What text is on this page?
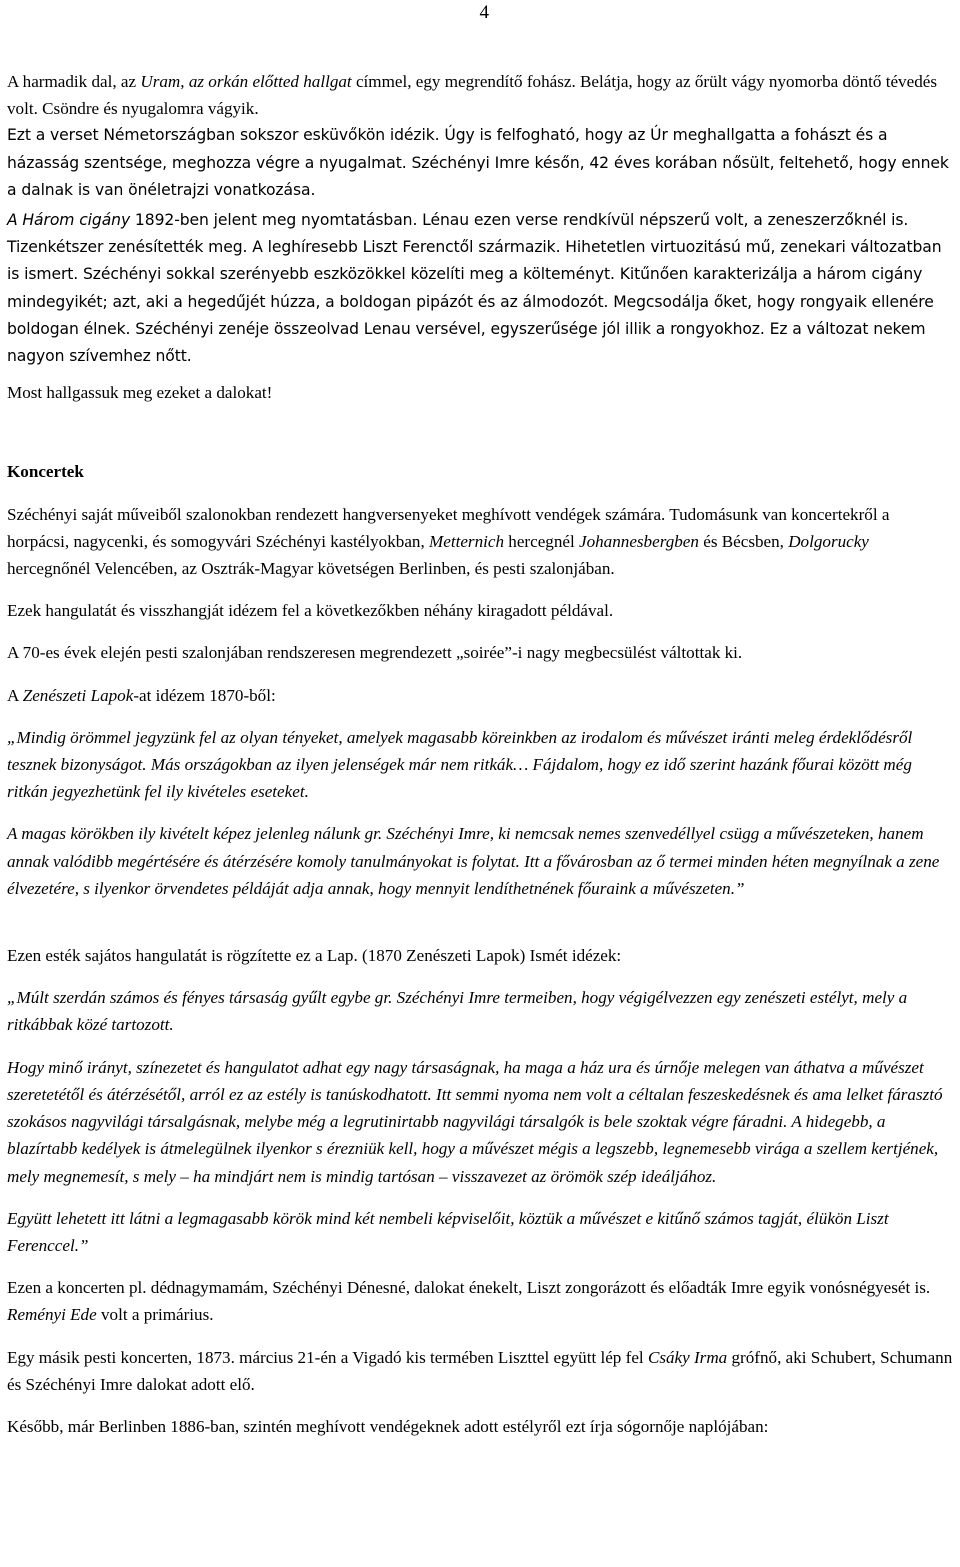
4

A harmadik dal, az Uram, az orkán előtted hallgat címmel, egy megrendítő fohász. Belátja, hogy az őrült vágy nyomorba döntő tévedés volt. Csöndre és nyugalomra vágyik.

Ezt a verset Németországban sokszor esküvőkön idézik. Úgy is felfogható, hogy az Úr meghallgatta a fohászt és a házasság szentsége, meghozza végre a nyugalmat. Széchényi Imre későn, 42 éves korában nősült, feltehető, hogy ennek a dalnak is van önéletrajzi vonatkozása.

A Három cigány 1892-ben jelent meg nyomtatásban. Lénau ezen verse rendkívül népszerű volt, a zeneszerzőknél is. Tizenkétszer zenésítették meg. A leghíresebb Liszt Ferenctől származik. Hihetetlen virtuozitású mű, zenekari változatban is ismert. Széchényi sokkal szerényebb eszközökkel közelíti meg a költeményt. Kitűnően karakterizálja a három cigány mindegyikét; azt, aki a hegedűjét húzza, a boldogan pipázót és az álmodozót. Megcsodálja őket, hogy rongyaik ellenére boldogan élnek. Széchényi zenéje összeolvad Lenau versével, egyszerűsége jól illik a rongyokhoz. Ez a változat nekem nagyon szívemhez nőtt.

Most hallgassuk meg ezeket a dalokat!

Koncertek

Széchényi saját műveiből szalonokban rendezett hangversenyeket meghívott vendégek számára. Tudomásunk van koncertekről a horpácsi, nagycenki, és somogyvári Széchényi kastélyokban, Metternich hercegnél Johannesbergben és Bécsben, Dolgorucky hercegnőnél Velencében, az Osztrák-Magyar követségen Berlinben, és pesti szalonjában.

Ezek hangulatát és visszhangját idézem fel a következőkben néhány kiragadott példával.

A 70-es évek elején pesti szalonjában rendszeresen megrendezett „soirée”-i nagy megbecsülést váltottak ki.

A Zenészeti Lapok-at idézem 1870-ből:

„Mindig örömmel jegyzünk fel az olyan tényeket, amelyek magasabb köreinkben az irodalom és művészet iránti meleg érdeklődésről tesznek bizonyságot. Más országokban az ilyen jelenségek már nem ritkák… Fájdalom, hogy ez idő szerint hazánk főurai között még ritkán jegyezhetünk fel ily kivételes eseteket.

A magas körökben ily kivételt képez jelenleg nálunk gr. Széchényi Imre, ki nemcsak nemes szenvedéllyel csügg a művészeteken, hanem annak valódibb megértésére és átérzésére komoly tanulmányokat is folytat. Itt a fővárosban az ő termei minden héten megnyílnak a zene élvezetére, s ilyenkor örvendetes példáját adja annak, hogy mennyit lendíthetnének főuraink a művészeten.”

Ezen esték sajátos hangulatát is rögzítette ez a Lap. (1870 Zenészeti Lapok) Ismét idézek:

„Múlt szerdán számos és fényes társaság gyűlt egybe gr. Széchényi Imre termeiben, hogy végigélvezzen egy zenészeti estélyt, mely a ritkábbak közé tartozott.

Hogy minő irányt, színezetet és hangulatot adhat egy nagy társaságnak, ha maga a ház ura és úrnője melegen van áthatva a művészet szeretetétől és átérzésétől, arról ez az estély is tanúskodhatott. Itt semmi nyoma nem volt a céltalan feszeskedésnek és ama lelket fárasztó szokásos nagyvilági társalgásnak, melybe még a legrutinirtabb nagyvilági társalgók is bele szoktak végre fáradni. A hidegebb, a blazírtabb kedélyek is átmelegülnek ilyenkor s érezniük kell, hogy a művészet mégis a legszebb, legnemesebb virága a szellem kertjének, mely megnemesít, s mely – ha mindjárt nem is mindig tartósan – visszavezet az örömök szép ideáljához.

Együtt lehetett itt látni a legmagasabb körök mind két nembeli képviselőit, köztük a művészet e kitűnő számos tagját, élükön Liszt Ferenccel.”

Ezen a koncerten pl. dédnagymamám, Széchényi Dénesné, dalokat énekelt, Liszt zongorázott és előadták Imre egyik vonósnégyesét is. Reményi Ede volt a primárius.

Egy másik pesti koncerten, 1873. március 21-én a Vigadó kis termében Liszttel együtt lép fel Csáky Irma grófnő, aki Schubert, Schumann és Széchényi Imre dalokat adott elő.

Később, már Berlinben 1886-ban, szintén meghívott vendégeknek adott estélyről ezt írja sógornője naplójában:
